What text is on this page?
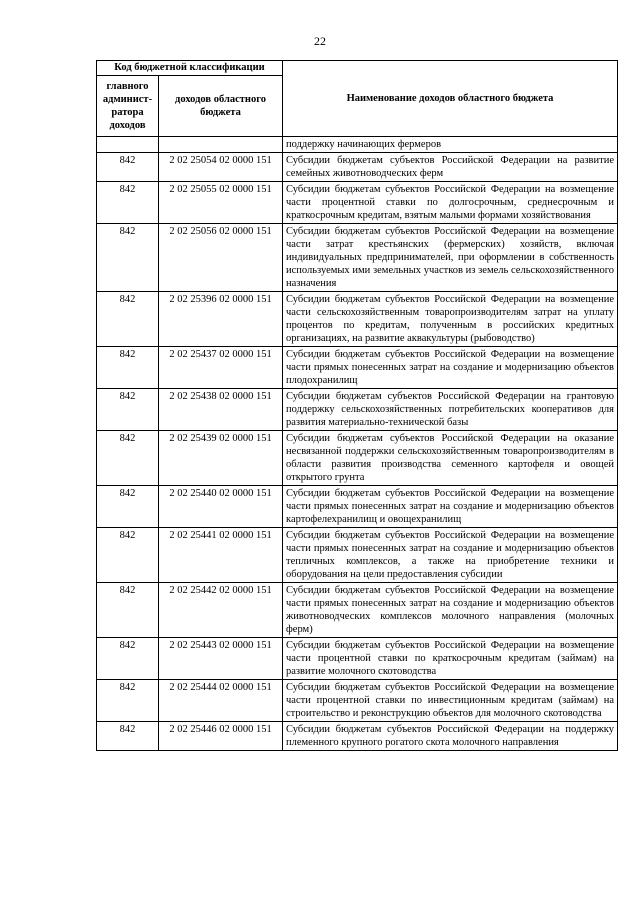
22
Код бюджетной классификации		Наименование доходов областного бюджета
главного админист-ратора доходов	доходов областного бюджета	
		поддержку начинающих фермеров
842	2 02 25054 02 0000 151	Субсидии бюджетам субъектов Российской Федерации на развитие семейных животноводческих ферм
842	2 02 25055 02 0000 151	Субсидии бюджетам субъектов Российской Федерации на возмещение части процентной ставки по долгосрочным, среднесрочным и краткосрочным кредитам, взятым малыми формами хозяйствования
842	2 02 25056 02 0000 151	Субсидии бюджетам субъектов Российской Федерации на возмещение части затрат крестьянских (фермерских) хозяйств, включая индивидуальных предпринимателей, при оформлении в собственность используемых ими земельных участков из земель сельскохозяйственного назначения
842	2 02 25396 02 0000 151	Субсидии бюджетам субъектов Российской Федерации на возмещение части сельскохозяйственным товаропроизводителям затрат на уплату процентов по кредитам, полученным в российских кредитных организациях, на развитие аквакультуры (рыбоводство)
842	2 02 25437 02 0000 151	Субсидии бюджетам субъектов Российской Федерации на возмещение части прямых понесенных затрат на создание и модернизацию объектов плодохранилищ
842	2 02 25438 02 0000 151	Субсидии бюджетам субъектов Российской Федерации на грантовую поддержку сельскохозяйственных потребительских кооперативов для развития материально-технической базы
842	2 02 25439 02 0000 151	Субсидии бюджетам субъектов Российской Федерации на оказание несвязанной поддержки сельскохозяйственным товаропроизводителям в области развития производства семенного картофеля и овощей открытого грунта
842	2 02 25440 02 0000 151	Субсидии бюджетам субъектов Российской Федерации на возмещение части прямых понесенных затрат на создание и модернизацию объектов картофелехранилищ и овощехранилищ
842	2 02 25441 02 0000 151	Субсидии бюджетам субъектов Российской Федерации на возмещение части прямых понесенных затрат на создание и модернизацию объектов тепличных комплексов, а также на приобретение техники и оборудования на цели предоставления субсидии
842	2 02 25442 02 0000 151	Субсидии бюджетам субъектов Российской Федерации на возмещение части прямых понесенных затрат на создание и модернизацию объектов животноводческих комплексов молочного направления (молочных ферм)
842	2 02 25443 02 0000 151	Субсидии бюджетам субъектов Российской Федерации на возмещение части процентной ставки по краткосрочным кредитам (займам) на развитие молочного скотоводства
842	2 02 25444 02 0000 151	Субсидии бюджетам субъектов Российской Федерации на возмещение части процентной ставки по инвестиционным кредитам (займам) на строительство и реконструкцию объектов для молочного скотоводства
842	2 02 25446 02 0000 151	Субсидии бюджетам субъектов Российской Федерации на поддержку племенного крупного рогатого скота молочного направления
